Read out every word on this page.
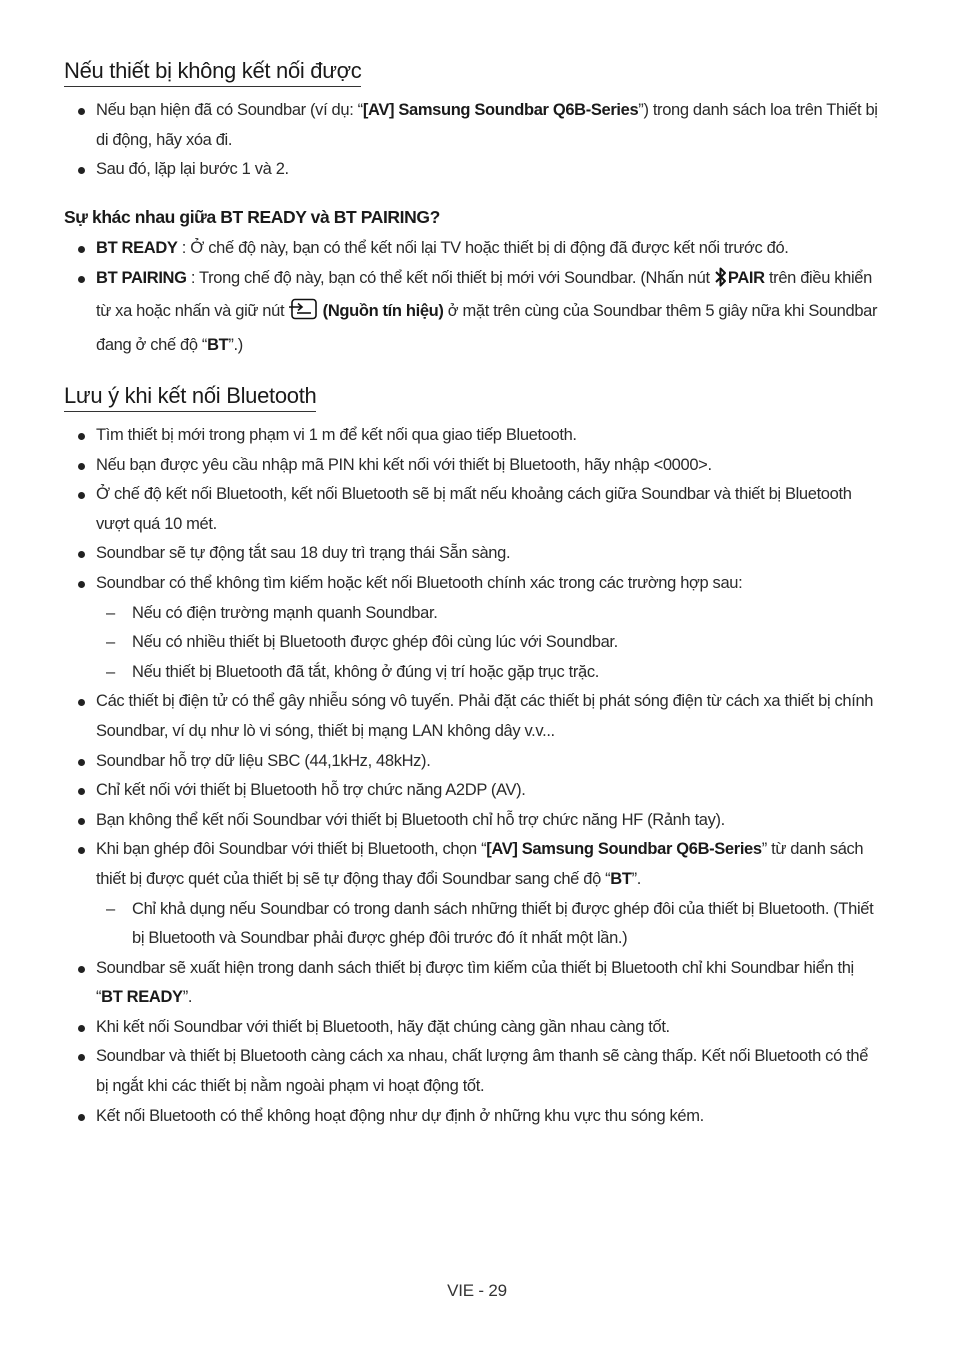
Nếu thiết bị không kết nối được
Nếu bạn hiện đã có Soundbar (ví dụ: “[AV] Samsung Soundbar Q6B-Series”) trong danh sách loa trên Thiết bị di động, hãy xóa đi.
Sau đó, lặp lại bước 1 và 2.
Sự khác nhau giữa BT READY và BT PAIRING?
BT READY : Ở chế độ này, bạn có thể kết nối lại TV hoặc thiết bị di động đã được kết nối trước đó.
BT PAIRING : Trong chế độ này, bạn có thể kết nối thiết bị mới với Soundbar. (Nhấn nút PAIR trên điều khiển từ xa hoặc nhấn và giữ nút  (Nguồn tín hiệu) ở mặt trên cùng của Soundbar thêm 5 giây nữa khi Soundbar đang ở chế độ “BT”.)
Lưu ý khi kết nối Bluetooth
Tìm thiết bị mới trong phạm vi 1 m để kết nối qua giao tiếp Bluetooth.
Nếu bạn được yêu cầu nhập mã PIN khi kết nối với thiết bị Bluetooth, hãy nhập <0000>.
Ở chế độ kết nối Bluetooth, kết nối Bluetooth sẽ bị mất nếu khoảng cách giữa Soundbar và thiết bị Bluetooth vượt quá 10 mét.
Soundbar sẽ tự động tắt sau 18 duy trì trạng thái Sẵn sàng.
Soundbar có thể không tìm kiếm hoặc kết nối Bluetooth chính xác trong các trường hợp sau:
– Nếu có điện trường mạnh quanh Soundbar.
– Nếu có nhiều thiết bị Bluetooth được ghép đôi cùng lúc với Soundbar.
– Nếu thiết bị Bluetooth đã tắt, không ở đúng vị trí hoặc gặp trục trặc.
Các thiết bị điện tử có thể gây nhiễu sóng vô tuyến. Phải đặt các thiết bị phát sóng điện từ cách xa thiết bị chính Soundbar, ví dụ như lò vi sóng, thiết bị mạng LAN không dây v.v...
Soundbar hỗ trợ dữ liệu SBC (44,1kHz, 48kHz).
Chỉ kết nối với thiết bị Bluetooth hỗ trợ chức năng A2DP (AV).
Bạn không thể kết nối Soundbar với thiết bị Bluetooth chỉ hỗ trợ chức năng HF (Rảnh tay).
Khi bạn ghép đôi Soundbar với thiết bị Bluetooth, chọn “[AV] Samsung Soundbar Q6B-Series” từ danh sách thiết bị được quét của thiết bị sẽ tự động thay đổi Soundbar sang chế độ “BT”.
– Chỉ khả dụng nếu Soundbar có trong danh sách những thiết bị được ghép đôi của thiết bị Bluetooth. (Thiết bị Bluetooth và Soundbar phải được ghép đôi trước đó ít nhất một lần.)
Soundbar sẽ xuất hiện trong danh sách thiết bị được tìm kiếm của thiết bị Bluetooth chỉ khi Soundbar hiển thị “BT READY”.
Khi kết nối Soundbar với thiết bị Bluetooth, hãy đặt chúng càng gần nhau càng tốt.
Soundbar và thiết bị Bluetooth càng cách xa nhau, chất lượng âm thanh sẽ càng thấp. Kết nối Bluetooth có thể bị ngắt khi các thiết bị nằm ngoài phạm vi hoạt động tốt.
Kết nối Bluetooth có thể không hoạt động như dự định ở những khu vực thu sóng kém.
VIE - 29
